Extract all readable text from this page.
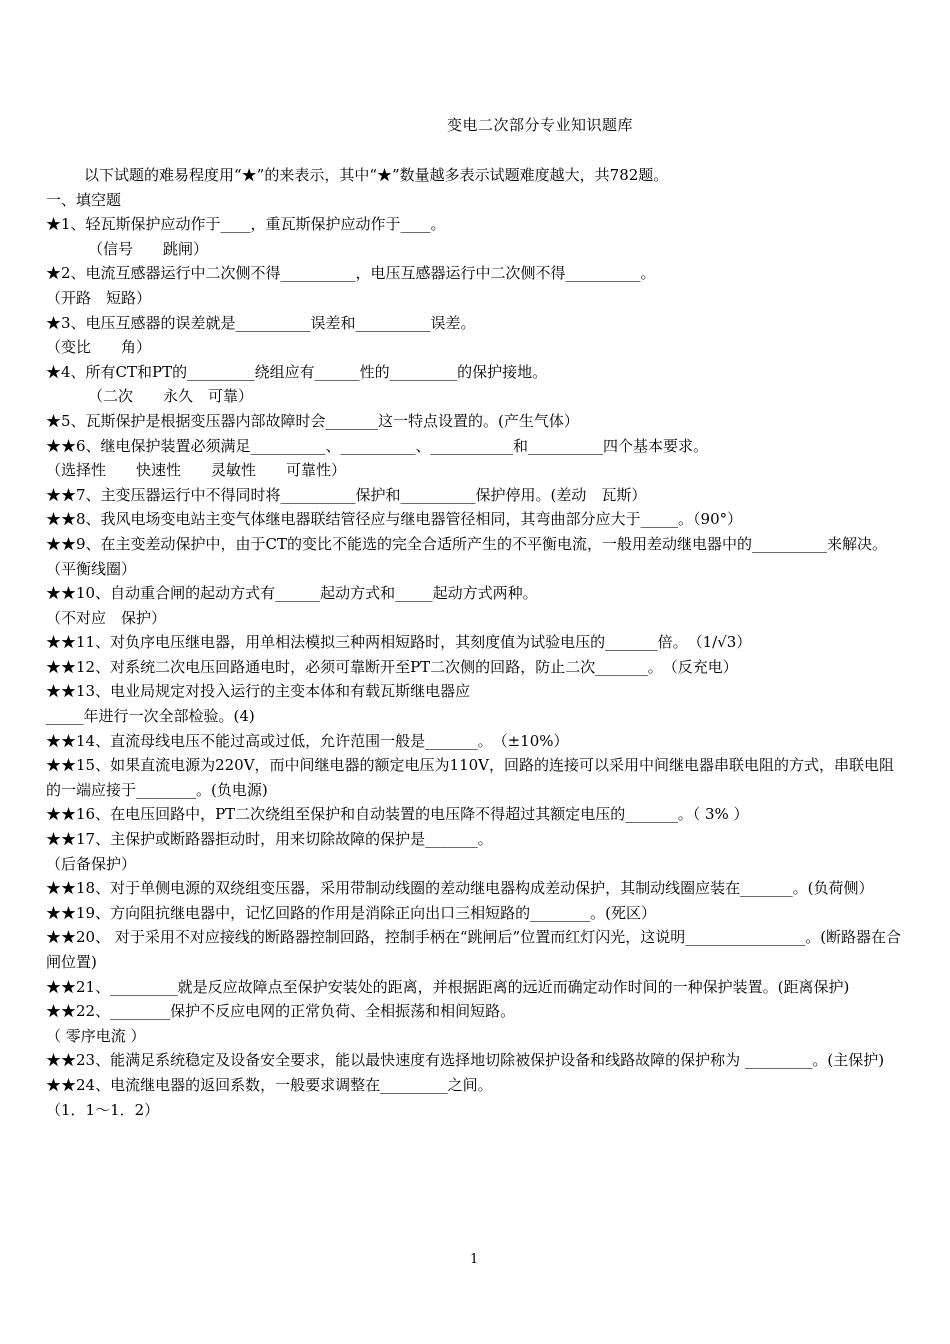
变电二次部分专业知识题库
以下试题的难易程度用“★”的来表示，其中“★”数量越多表示试题难度越大，共782题。
一、填空题
★1、轻瓦斯保护应动作于____，重瓦斯保护应动作于____。
（信号　　跳闸）
★2、电流互感器运行中二次侧不得__________，电压互感器运行中二次侧不得__________。
（开路　短路）
★3、电压互感器的误差就是__________误差和__________误差。
（变比　　角）
★4、所有CT和PT的_________绕组应有______性的_________的保护接地。
（二次　　永久　可靠）
★5、瓦斯保护是根据变压器内部故障时会_______这一特点设置的。(产生气体）
★★6、继电保护装置必须满足__________、__________、___________和__________四个基本要求。
（选择性　　快速性　　灵敏性　　可靠性）
★★7、主变压器运行中不得同时将__________保护和__________保护停用。(差动　瓦斯）
★★8、我风电场变电站主变气体继电器联结管径应与继电器管径相同，其弯曲部分应大于_____。（90°）
★★9、在主变差动保护中，由于CT的变比不能选的完全合适所产生的不平衡电流，一般用差动继电器中的__________来解决。
（平衡线圈）
★★10、自动重合闸的起动方式有______起动方式和_____起动方式两种。
（不对应　保护）
★★11、对负序电压继电器，用单相法模拟三种两相短路时，其刻度值为试验电压的_______倍。　（1/√3）
★★12、对系统二次电压回路通电时，必须可靠断开至PT二次侧的回路，防止二次_______。　（反充电）
★★13、电业局规定对投入运行的主变本体和有载瓦斯继电器应
_____年进行一次全部检验。(4)
★★14、直流母线电压不能过高或过低，允许范围一般是_______。　（±10%）
★★15、如果直流电源为220V，而中间继电器的额定电压为110V，回路的连接可以采用中间继电器串联电阻的方式，串联电阻的一端应接于________。(负电源)
★★16、在电压回路中，PT二次绕组至保护和自动装置的电压降不得超过其额定电压的_______。（ 3% ）
★★17、主保护或断路器拒动时，用来切除故障的保护是_______。
（后备保护）
★★18、对于单侧电源的双绕组变压器，采用带制动线圈的差动继电器构成差动保护，其制动线圈应装在_______。(负荷侧）
★★19、方向阻抗继电器中，记忆回路的作用是消除正向出口三相短路的________。(死区）
★★20、 对于采用不对应接线的断路器控制回路，控制手柄在“跳闸后”位置而红灯闪光，这说明________________。(断路器在合闸位置)
★★21、_________就是反应故障点至保护安装处的距离，并根据距离的远近而确定动作时间的一种保护装置。(距离保护)
★★22、________保护不反应电网的正常负荷、全相振荡和相间短路。
（ 零序电流 ）
★★23、能满足系统稳定及设备安全要求，能以最快速度有选择地切除被保护设备和线路故障的保护称为 _________。(主保护)
★★24、电流继电器的返回系数，一般要求调整在_________之间。
（1．1～1．2）
1
